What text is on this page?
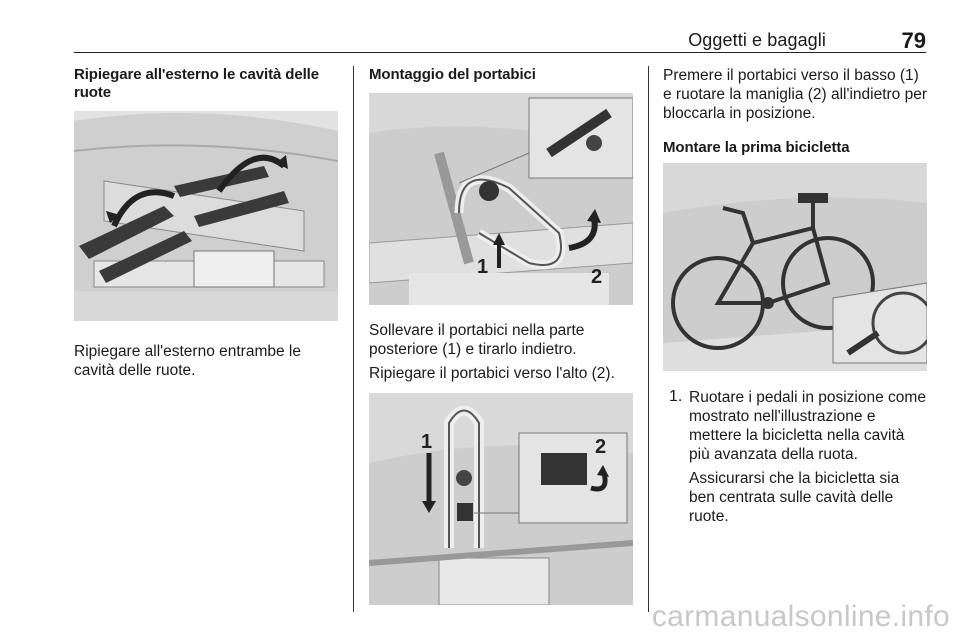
Oggetti e bagagli	79
Ripiegare all'esterno le cavità delle ruote

Ripiegare all'esterno entrambe le cavità delle ruote.

Montaggio del portabici
1	2

Sollevare il portabici nella parte posteriore (1) e tirarlo indietro.

Ripiegare il portabici verso l'alto (2).

1	2

Premere il portabici verso il basso (1) e ruotare la maniglia (2) all'indietro per bloccarla in posizione.

Montare la prima bicicletta
1. Ruotare i pedali in posizione come mostrato nell'illustrazione e mettere la bicicletta nella cavità più avanzata della ruota.

Assicurarsi che la bicicletta sia ben centrata sulle cavità delle ruote.

carmanualsonline.info
